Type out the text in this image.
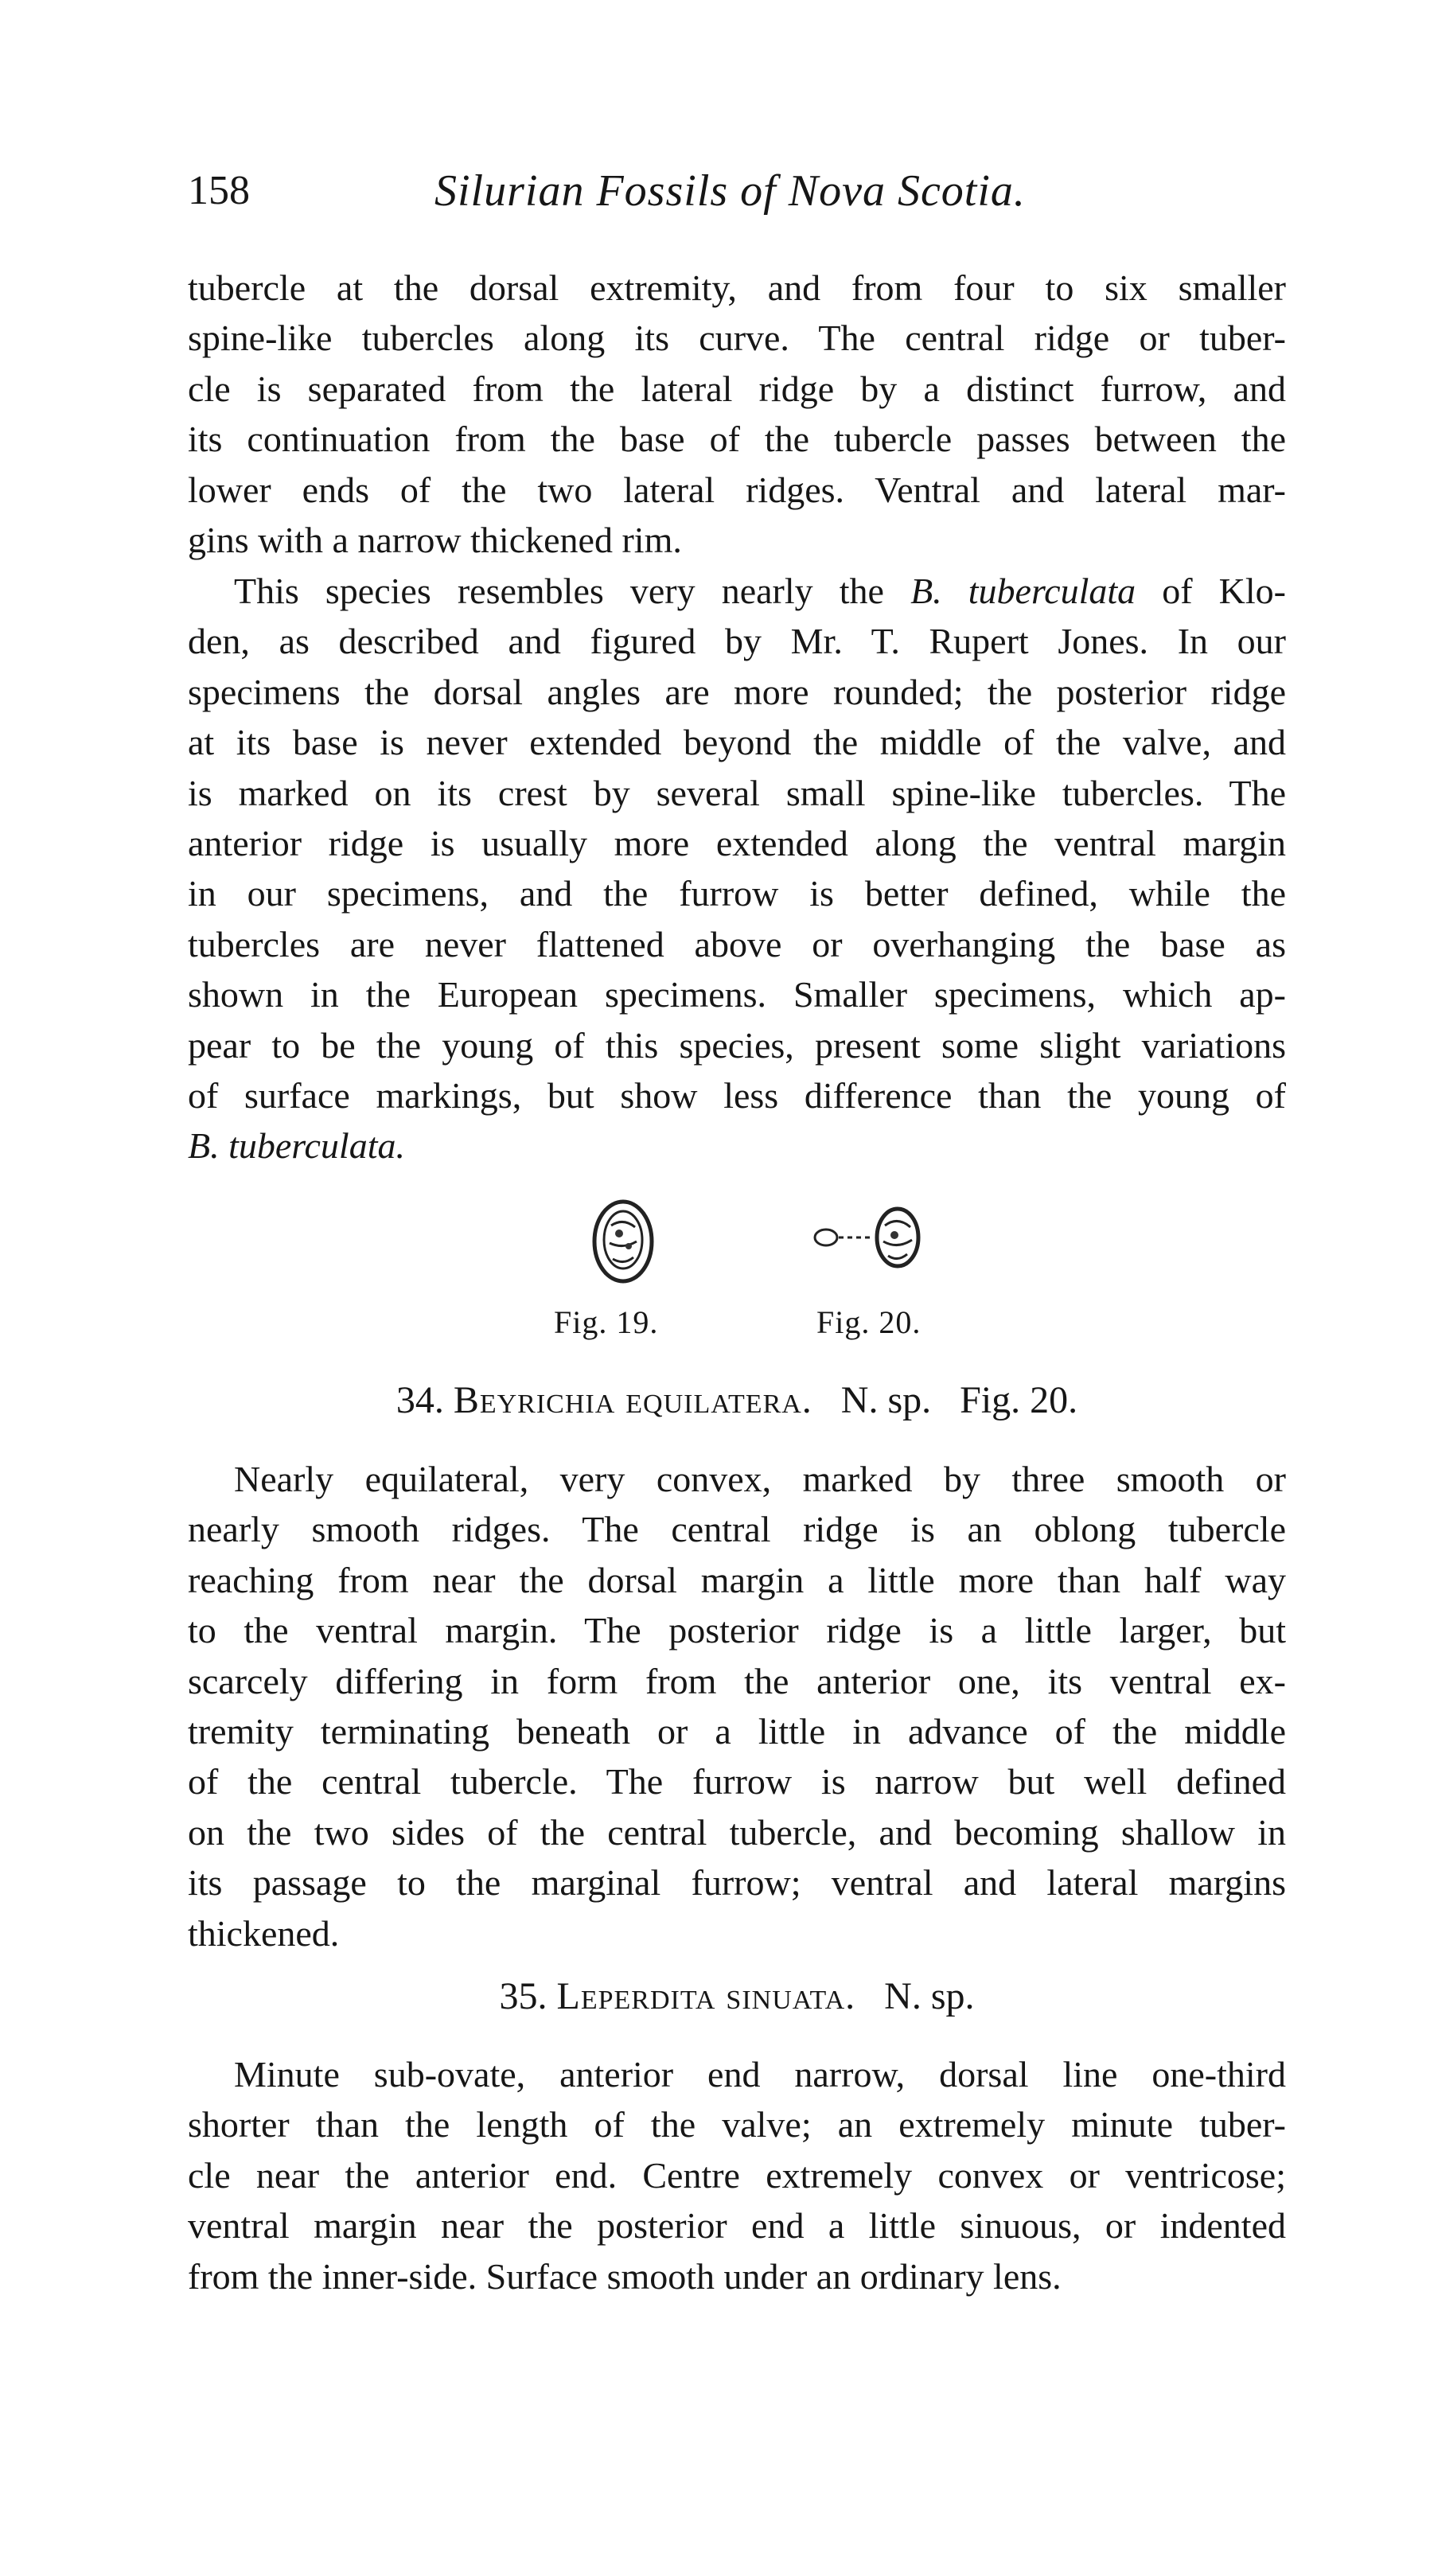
158	Silurian Fossils of Nova Scotia.
tubercle at the dorsal extremity, and from four to six smaller
spine-like tubercles along its curve. The central ridge or tuber-
cle is separated from the lateral ridge by a distinct furrow, and
its continuation from the base of the tubercle passes between the
lower ends of the two lateral ridges. Ventral and lateral mar-
gins with a narrow thickened rim.
This species resembles very nearly the B. tuberculata of Klo-
den, as described and figured by Mr. T. Rupert Jones. In our
specimens the dorsal angles are more rounded; the posterior ridge
at its base is never extended beyond the middle of the valve, and
is marked on its crest by several small spine-like tubercles. The
anterior ridge is usually more extended along the ventral margin
in our specimens, and the furrow is better defined, while the
tubercles are never flattened above or overhanging the base as
shown in the European specimens. Smaller specimens, which ap-
pear to be the young of this species, present some slight variations
of surface markings, but show less difference than the young of
B. tuberculata.
Fig. 19.	Fig. 20.
34. Beyrichia equilatera. N. sp. Fig. 20.
Nearly equilateral, very convex, marked by three smooth or
nearly smooth ridges. The central ridge is an oblong tubercle
reaching from near the dorsal margin a little more than half way
to the ventral margin. The posterior ridge is a little larger, but
scarcely differing in form from the anterior one, its ventral ex-
tremity terminating beneath or a little in advance of the middle
of the central tubercle. The furrow is narrow but well defined
on the two sides of the central tubercle, and becoming shallow in
its passage to the marginal furrow; ventral and lateral margins
thickened.
35. Leperdita sinuata. N. sp.
Minute sub-ovate, anterior end narrow, dorsal line one-third
shorter than the length of the valve; an extremely minute tuber-
cle near the anterior end. Centre extremely convex or ventricose;
ventral margin near the posterior end a little sinuous, or indented
from the inner-side. Surface smooth under an ordinary lens.
